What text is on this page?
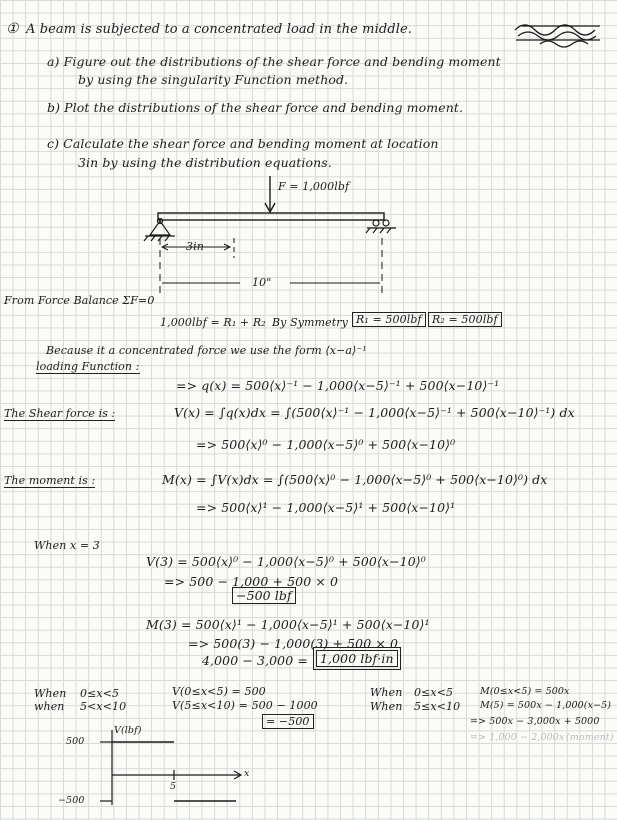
① A beam is subjected to a concentrated load in the middle.
a) Figure out the distributions of the shear force and bending moment
by using the singularity Function method.
b) Plot the distributions of the shear force and bending moment.
c) Calculate the shear force and bending moment at location
3in by using the distribution equations.
F = 1,000lbf
3in
10"
From Force Balance ΣF=0
1,000lbf = R₁ + R₂ By Symmetry R₁ = 500lbf R₂ = 500lbf
Because it a concentrated force we use the form ⟨x−a⟩⁻¹
loading Function :
=> q(x) = 500⟨x⟩⁻¹ − 1,000⟨x−5⟩⁻¹ + 500⟨x−10⟩⁻¹
The Shear force is :	V(x) = ∫q(x)dx = ∫(500⟨x⟩⁻¹ − 1,000⟨x−5⟩⁻¹ + 500⟨x−10⟩⁻¹) dx
=> 500⟨x⟩⁰ − 1,000⟨x−5⟩⁰ + 500⟨x−10⟩⁰
The moment is :	M(x) = ∫V(x)dx = ∫(500⟨x⟩⁰ − 1,000⟨x−5⟩⁰ + 500⟨x−10⟩⁰) dx
=> 500⟨x⟩¹ − 1,000⟨x−5⟩¹ + 500⟨x−10⟩¹
When x = 3
V(3) = 500⟨x⟩⁰ − 1,000⟨x−5⟩⁰ + 500⟨x−10⟩⁰
=> 500 − 1,000 + 500 × 0
−500 lbf
M(3) = 500⟨x⟩¹ − 1,000⟨x−5⟩¹ + 500⟨x−10⟩¹
=> 500(3) − 1,000(3) + 500 × 0
4,000 − 3,000 = 1,000 lbf·in
When 0≤x<5
when 5<x<10
V(0≤x<5) = 500
V(5≤x<10) = 500 − 1000
= −500
When 0≤x<5
When 5≤x<10
M(0≤x<5) = 500x
M(5) = 500x − 1,000(x−5)
=> 500x − 3,000x + 5000
=> 1,000 − 2,000x (moment)
V(lbf)
500
−500
5
x
